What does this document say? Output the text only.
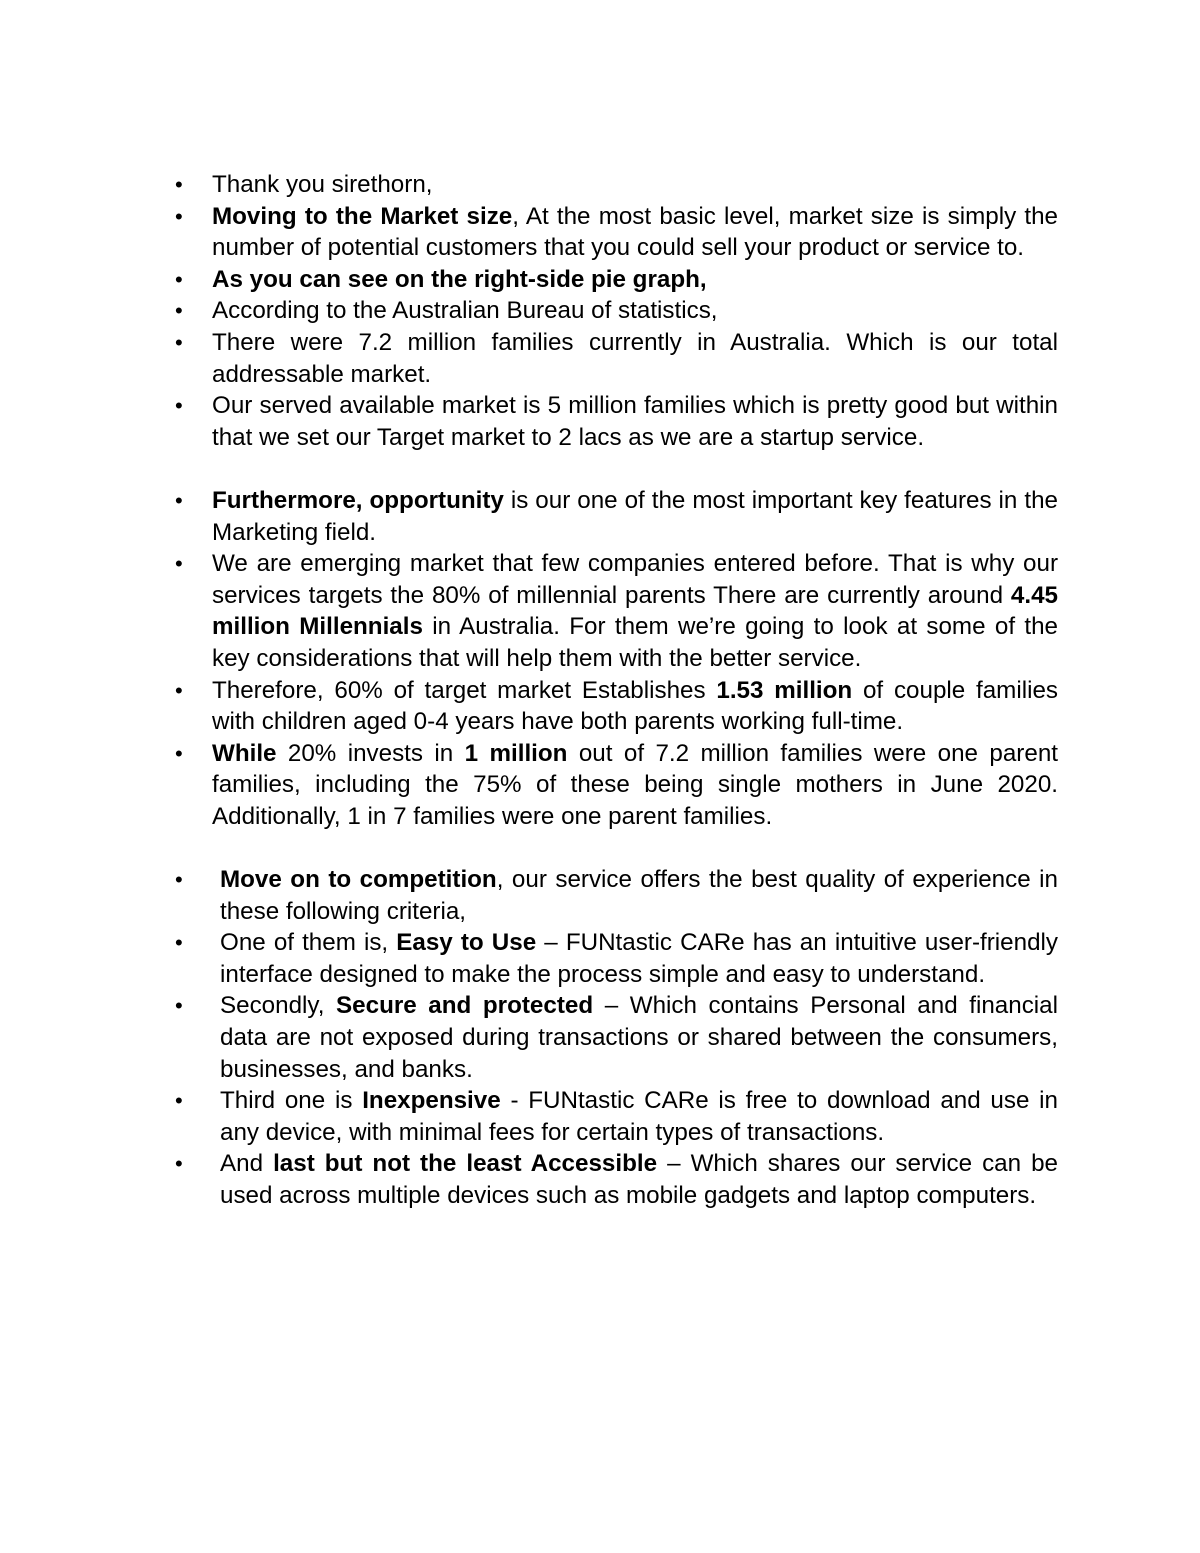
•	Thank you sirethorn,
•	Moving to the Market size, At the most basic level, market size is simply the number of potential customers that you could sell your product or service to.
•	As you can see on the right-side pie graph,
•	According to the Australian Bureau of statistics,
•	There were 7.2 million families currently in Australia. Which is our total addressable market.
•	Our served available market is 5 million families which is pretty good but within that we set our Target market to 2 lacs as we are a startup service.
•	Furthermore, opportunity is our one of the most important key features in the Marketing field.
•	We are emerging market that few companies entered before. That is why our services targets the 80% of millennial parents There are currently around 4.45 million Millennials in Australia. For them we’re going to look at some of the key considerations that will help them with the better service.
•	Therefore, 60% of target market Establishes 1.53 million of couple families with children aged 0-4 years have both parents working full-time.
•	While 20% invests in 1 million out of 7.2 million families were one parent families, including the 75% of these being single mothers in June 2020. Additionally, 1 in 7 families were one parent families.
•	Move on to competition, our service offers the best quality of experience in these following criteria,
•	One of them is, Easy to Use – FUNtastic CARe has an intuitive user-friendly interface designed to make the process simple and easy to understand.
•	Secondly, Secure and protected – Which contains Personal and financial data are not exposed during transactions or shared between the consumers, businesses, and banks.
•	Third one is Inexpensive - FUNtastic CARe is free to download and use in any device, with minimal fees for certain types of transactions.
•	And last but not the least Accessible – Which shares our service can be used across multiple devices such as mobile gadgets and laptop computers.
